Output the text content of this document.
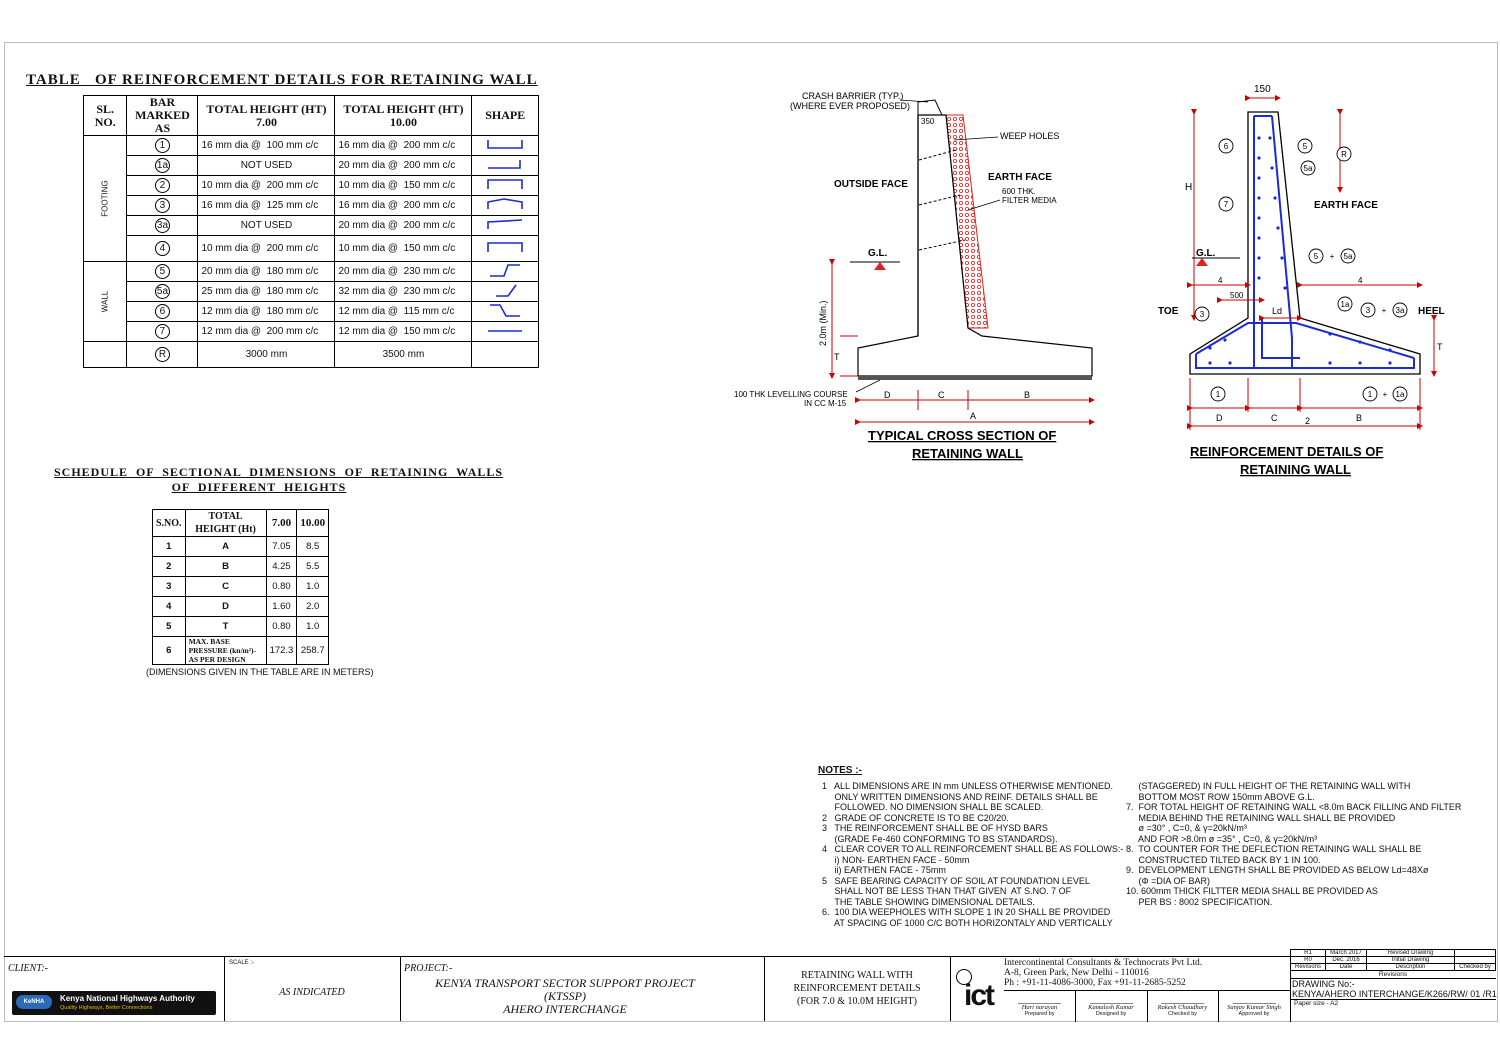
TABLE   OF REINFORCEMENT DETAILS FOR RETAINING WALL
SL. NO.	BAR MARKED AS	TOTAL HEIGHT (HT) 7.00	TOTAL HEIGHT (HT) 10.00	SHAPE

FOOTING	1	16 mm dia @  100 mm c/c	16 mm dia @  200 mm c/c	
	1a	NOT USED	20 mm dia @  200 mm c/c	
	2	10 mm dia @  200 mm c/c	10 mm dia @  150 mm c/c	
	3	16 mm dia @  125 mm c/c	16 mm dia @  200 mm c/c	
	3a	NOT USED	20 mm dia @  200 mm c/c	
	4	10 mm dia @  200 mm c/c	10 mm dia @  150 mm c/c	

WALL	5	20 mm dia @  180 mm c/c	20 mm dia @  230 mm c/c	
	5a	25 mm dia @  180 mm c/c	32 mm dia @  230 mm c/c	
	6	12 mm dia @  180 mm c/c	12 mm dia @  115 mm c/c	
	7	12 mm dia @  200 mm c/c	12 mm dia @  150 mm c/c	
	R	3000 mm	3500 mm	
SCHEDULE  OF  SECTIONAL  DIMENSIONS  OF  RETAINING  WALLS
OF  DIFFERENT  HEIGHTS
S.NO.	TOTAL HEIGHT (Ht)	7.00	10.00
1	A	7.05	8.5
2	B	4.25	5.5
3	C	0.80	1.0
4	D	1.60	2.0
5	T	0.80	1.0
6	MAX. BASE PRESSURE (kn/m²)-AS PER DESIGN	172.3	258.7
(DIMENSIONS GIVEN IN THE TABLE ARE IN METERS)
CRASH BARRIER (TYP.)
(WHERE EVER PROPOSED)
350
WEEP HOLES
OUTSIDE FACE
EARTH FACE
600 THK.
FILTER MEDIA
G.L.
2.0m (Min.)
T
100 THK LEVELLING COURSE
IN CC M-15
D	C	B
A
TYPICAL CROSS SECTION OF
RETAINING WALL
6	5
5a
R
7
5 + 5a
3
1a
3 + 3a
1	1 + 1a
150
H
EARTH FACE
G.L.
TOE	HEEL
4	4
500
Ld
T
D	C	B
2
REINFORCEMENT DETAILS OF
RETAINING WALL
NOTES :-
1   ALL DIMENSIONS ARE IN mm UNLESS OTHERWISE MENTIONED.
ONLY WRITTEN DIMENSIONS AND REINF. DETAILS SHALL BE
FOLLOWED. NO DIMENSION SHALL BE SCALED.
2   GRADE OF CONCRETE IS TO BE C20/20.
3   THE REINFORCEMENT SHALL BE OF HYSD BARS
(GRADE Fe-460 CONFORMING TO BS STANDARDS).
4   CLEAR COVER TO ALL REINFORCEMENT SHALL BE AS FOLLOWS:-
i) NON- EARTHEN FACE - 50mm
ii) EARTHEN FACE - 75mm
5   SAFE BEARING CAPACITY OF SOIL AT FOUNDATION LEVEL
SHALL NOT BE LESS THAN THAT GIVEN  AT S.NO. 7 OF
THE TABLE SHOWING DIMENSIONAL DETAILS.
6.  100 DIA WEEPHOLES WITH SLOPE 1 IN 20 SHALL BE PROVIDED
AT SPACING OF 1000 C/C BOTH HORIZONTALY AND VERTICALLY
(STAGGERED) IN FULL HEIGHT OF THE RETAINING WALL WITH
BOTTOM MOST ROW 150mm ABOVE G.L.
7.  FOR TOTAL HEIGHT OF RETAINING WALL <8.0m BACK FILLING AND FILTER
MEDIA BEHIND THE RETAINING WALL SHALL BE PROVIDED
ø =30° , C=0, & γ=20kN/m³
AND FOR >8.0m ø =35° , C=0, & γ=20kN/m³
8.  TO COUNTER FOR THE DEFLECTION RETAINING WALL SHALL BE
CONSTRUCTED TILTED BACK BY 1 IN 100.
9.  DEVELOPMENT LENGTH SHALL BE PROVIDED AS BELOW Ld=48Xø
(Φ =DIA OF BAR)
10. 600mm THICK FILTTER MEDIA SHALL BE PROVIDED AS
PER BS : 8002 SPECIFICATION.
CLIENT:-
KeNHA	Kenya National Highways Authority
Quality Highways, Better Connections
SCALE :-
AS INDICATED
PROJECT:-
KENYA TRANSPORT SECTOR SUPPORT PROJECT
(KTSSP)
AHERO INTERCHANGE
RETAINING WALL WITH
REINFORCEMENT DETAILS
(FOR 7.0 & 10.0M HEIGHT)	ict
Intercontinental Consultants & Technocrats Pvt Ltd.
A-8, Green Park, New Delhi - 110016
Ph : +91-11-4086-3000, Fax +91-11-2685-5252
Hari narayan
Prepared by
Kamalesh Kumar
Designed by
Rakesh Chaudhary
Checked by
Sanjay Kumar Singh
Approved by
R1	March 2017	Revised Drawing	
R0	Dec. 2016	Initial Drawing	
Revisions	Date	Description	Checked by
Revisions
DRAWING No:-
KENYA/AHERO INTERCHANGE/K266/RW/ 01 /R1
Paper size - A2
